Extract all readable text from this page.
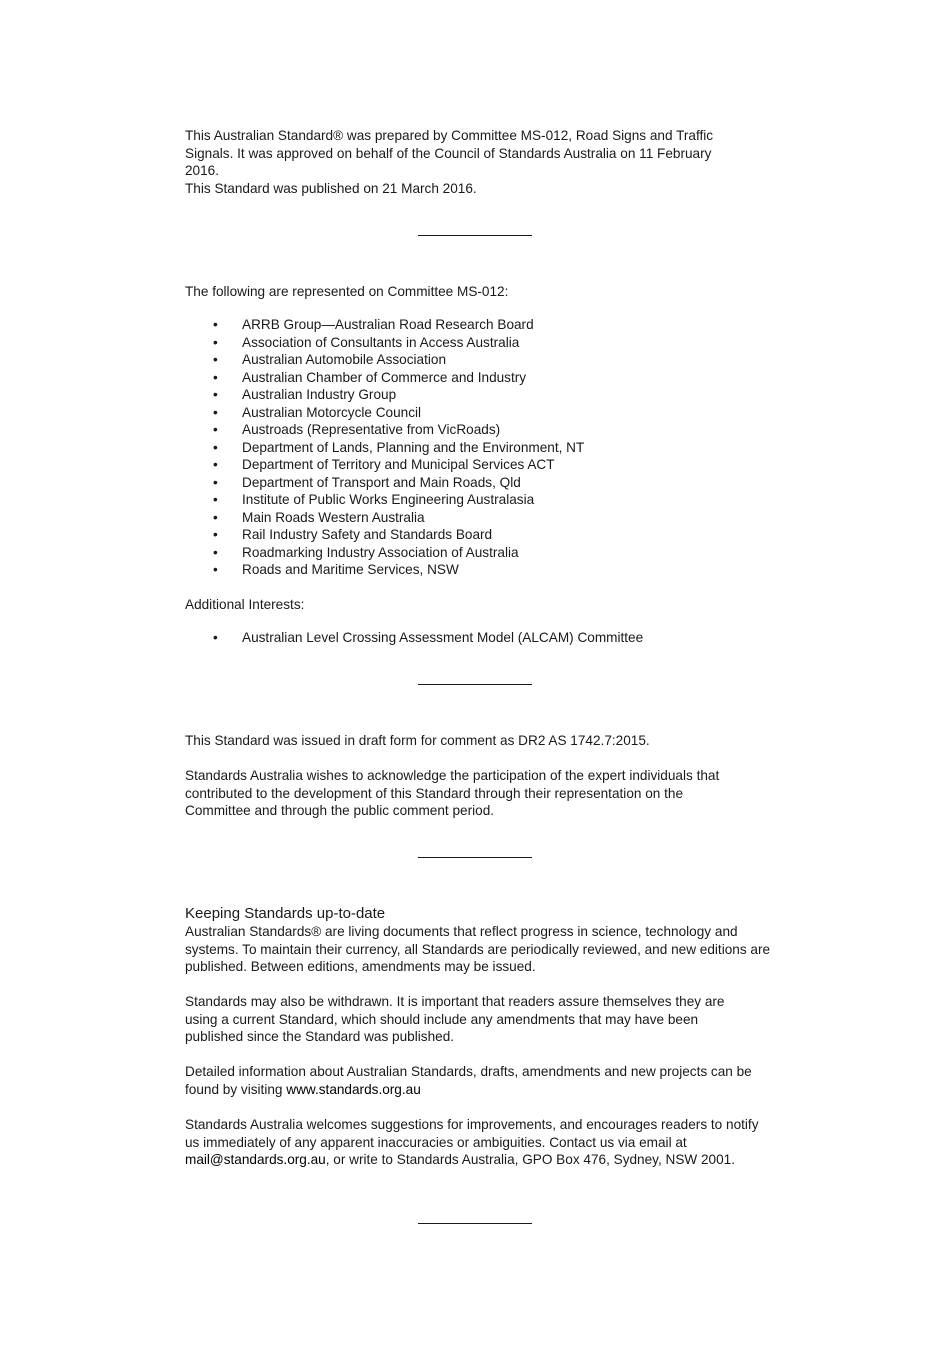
This Australian Standard® was prepared by Committee MS-012, Road Signs and Traffic Signals. It was approved on behalf of the Council of Standards Australia on 11 February 2016.

This Standard was published on 21 March 2016.

The following are represented on Committee MS-012:

• ARRB Group—Australian Road Research Board
• Association of Consultants in Access Australia
• Australian Automobile Association
• Australian Chamber of Commerce and Industry
• Australian Industry Group
• Australian Motorcycle Council
• Austroads (Representative from VicRoads)
• Department of Lands, Planning and the Environment, NT
• Department of Territory and Municipal Services ACT
• Department of Transport and Main Roads, Qld
• Institute of Public Works Engineering Australasia
• Main Roads Western Australia
• Rail Industry Safety and Standards Board
• Roadmarking Industry Association of Australia
• Roads and Maritime Services, NSW

Additional Interests:

• Australian Level Crossing Assessment Model (ALCAM) Committee

This Standard was issued in draft form for comment as DR2 AS 1742.7:2015.

Standards Australia wishes to acknowledge the participation of the expert individuals that contributed to the development of this Standard through their representation on the Committee and through the public comment period.

Keeping Standards up-to-date

Australian Standards® are living documents that reflect progress in science, technology and systems. To maintain their currency, all Standards are periodically reviewed, and new editions are published. Between editions, amendments may be issued.

Standards may also be withdrawn. It is important that readers assure themselves they are using a current Standard, which should include any amendments that may have been published since the Standard was published.

Detailed information about Australian Standards, drafts, amendments and new projects can be found by visiting www.standards.org.au

Standards Australia welcomes suggestions for improvements, and encourages readers to notify us immediately of any apparent inaccuracies or ambiguities. Contact us via email at mail@standards.org.au, or write to Standards Australia, GPO Box 476, Sydney, NSW 2001.
